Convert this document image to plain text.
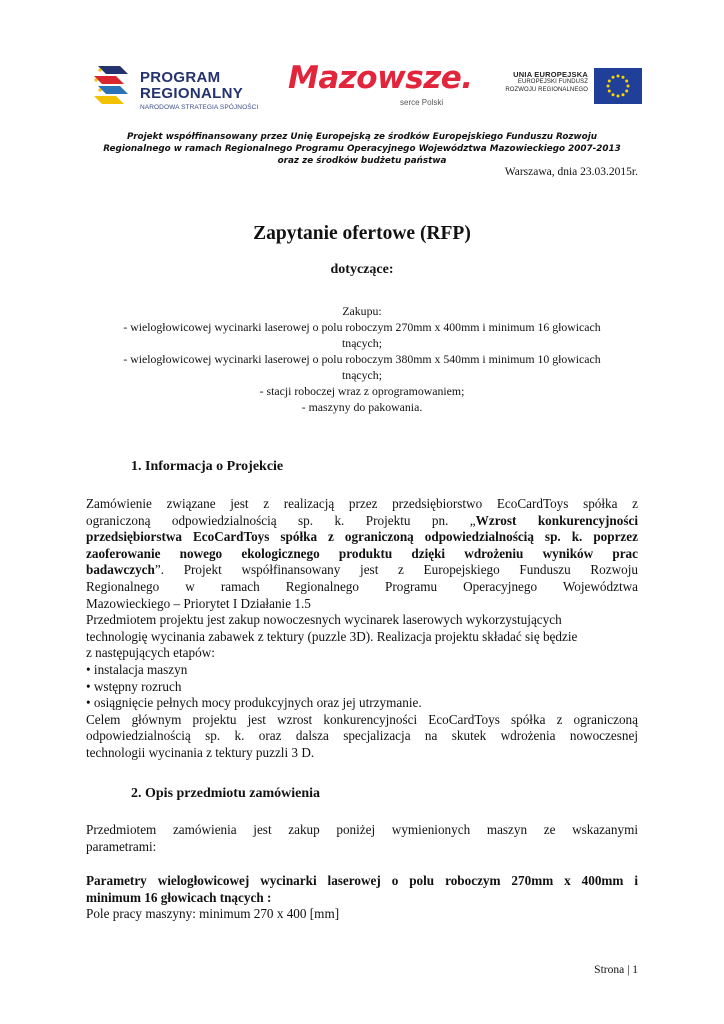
PROGRAM
REGIONALNY
NARODOWA STRATEGIA SPÓJNOŚCI
Mazowsze.
serce Polski
UNIA EUROPEJSKA
EUROPEJSKI FUNDUSZ
ROZWOJU REGIONALNEGO
Projekt współfinansowany przez Unię Europejską ze środków Europejskiego Funduszu Rozwoju
Regionalnego w ramach Regionalnego Programu Operacyjnego Województwa Mazowieckiego 2007-2013
oraz ze środków budżetu państwa
Warszawa, dnia 23.03.2015r.
Zapytanie ofertowe (RFP)
dotyczące:
Zakupu:
- wielogłowicowej wycinarki laserowej o polu roboczym 270mm x 400mm i minimum 16 głowicach
tnących;
- wielogłowicowej wycinarki laserowej o polu roboczym 380mm x 540mm i minimum 10 głowicach
tnących;
- stacji roboczej wraz z oprogramowaniem;
- maszyny do pakowania.
1. Informacja o Projekcie
Zamówienie związane jest z realizacją przez przedsiębiorstwo EcoCardToys spółka z
ograniczoną odpowiedzialnością sp. k. Projektu pn. „Wzrost konkurencyjności
przedsiębiorstwa EcoCardToys spółka z ograniczoną odpowiedzialnością sp. k. poprzez
zaoferowanie nowego ekologicznego produktu dzięki wdrożeniu wyników prac
badawczych”. Projekt współfinansowany jest z Europejskiego Funduszu Rozwoju
Regionalnego w ramach Regionalnego Programu Operacyjnego Województwa
Mazowieckiego – Priorytet I Działanie 1.5
Przedmiotem projektu jest zakup nowoczesnych wycinarek laserowych wykorzystujących
technologię wycinania zabawek z tektury (puzzle 3D). Realizacja projektu składać się będzie
z następujących etapów:
• instalacja maszyn
• wstępny rozruch
• osiągnięcie pełnych mocy produkcyjnych oraz jej utrzymanie.
Celem głównym projektu jest wzrost konkurencyjności EcoCardToys spółka z ograniczoną
odpowiedzialnością sp. k. oraz dalsza specjalizacja na skutek wdrożenia nowoczesnej
technologii wycinania z tektury puzzli 3 D.
2. Opis przedmiotu zamówienia
Przedmiotem zamówienia jest zakup poniżej wymienionych maszyn ze wskazanymi
parametrami:
Parametry wielogłowicowej wycinarki laserowej o polu roboczym 270mm x 400mm i
minimum 16 głowicach tnących :
Pole pracy maszyny: minimum 270 x 400 [mm]
Strona | 1
